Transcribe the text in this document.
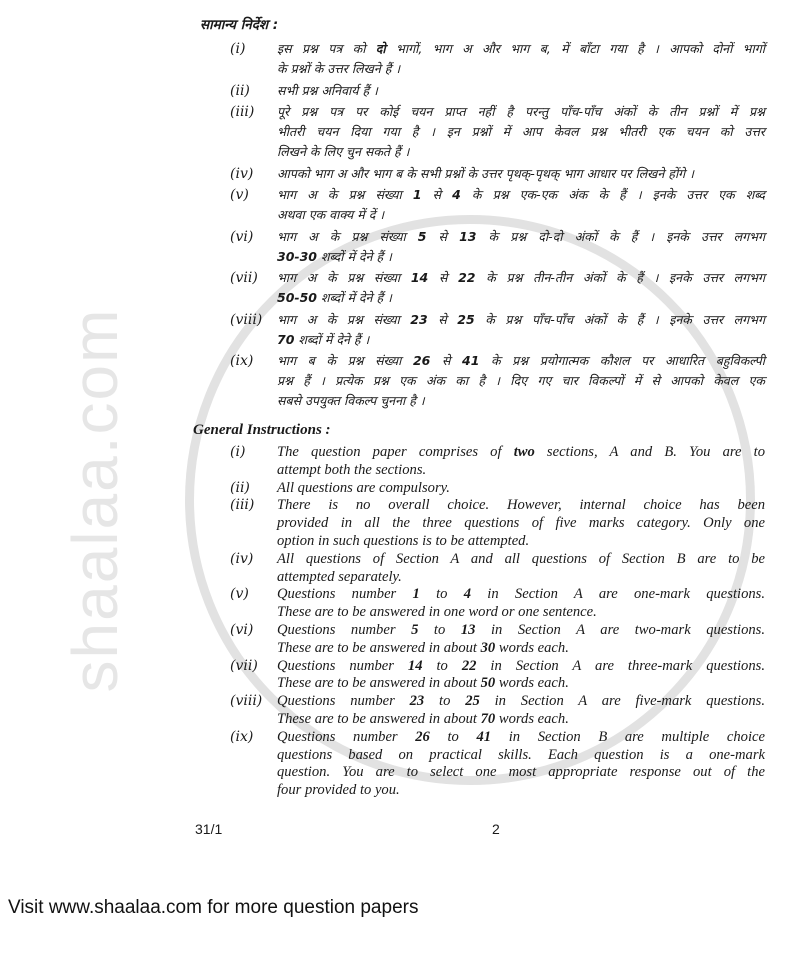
shaalaa.com
सामान्य निर्देश :
(i)	इस प्रश्न पत्र को दो भागों, भाग अ और भाग ब, में बाँटा गया है । आपको दोनों भागों
के प्रश्नों के उत्तर लिखने हैं ।
(ii)	सभी प्रश्न अनिवार्य हैं ।
(iii)	पूरे प्रश्न पत्र पर कोई चयन प्राप्त नहीं है परन्तु पाँच-पाँच अंकों के तीन प्रश्नों में प्रश्न
भीतरी चयन दिया गया है । इन प्रश्नों में आप केवल प्रश्न भीतरी एक चयन को उत्तर
लिखने के लिए चुन सकते हैं ।
(iv)	आपको भाग अ और भाग ब के सभी प्रश्नों के उत्तर पृथक्-पृथक् भाग आधार पर लिखने होंगे ।
(v)	भाग अ के प्रश्न संख्या 1 से 4 के प्रश्न एक-एक अंक के हैं । इनके उत्तर एक शब्द
अथवा एक वाक्य में दें ।
(vi)	भाग अ के प्रश्न संख्या 5 से 13 के प्रश्न दो-दो अंकों के हैं । इनके उत्तर लगभग
30-30 शब्दों में देने हैं ।
(vii)	भाग अ के प्रश्न संख्या 14 से 22 के प्रश्न तीन-तीन अंकों के हैं । इनके उत्तर लगभग
50-50 शब्दों में देने हैं ।
(viii)	भाग अ के प्रश्न संख्या 23 से 25 के प्रश्न पाँच-पाँच अंकों के हैं । इनके उत्तर लगभग
70 शब्दों में देने हैं ।
(ix)	भाग ब के प्रश्न संख्या 26 से 41 के प्रश्न प्रयोगात्मक कौशल पर आधारित बहुविकल्पी
प्रश्न हैं । प्रत्येक प्रश्न एक अंक का है । दिए गए चार विकल्पों में से आपको केवल एक
सबसे उपयुक्त विकल्प चुनना है ।
General Instructions :
(i)	The question paper comprises of two sections, A and B. You are to
attempt both the sections.
(ii)	All questions are compulsory.
(iii)	There is no overall choice. However, internal choice has been
provided in all the three questions of five marks category. Only one
option in such questions is to be attempted.
(iv)	All questions of Section A and all questions of Section B are to be
attempted separately.
(v)	Questions number 1 to 4 in Section A are one-mark questions.
These are to be answered in one word or one sentence.
(vi)	Questions number 5 to 13 in Section A are two-mark questions.
These are to be answered in about 30 words each.
(vii)	Questions number 14 to 22 in Section A are three-mark questions.
These are to be answered in about 50 words each.
(viii)	Questions number 23 to 25 in Section A are five-mark questions.
These are to be answered in about 70 words each.
(ix)	Questions number 26 to 41 in Section B are multiple choice
questions based on practical skills. Each question is a one-mark
question. You are to select one most appropriate response out of the
four provided to you.
31/1	2
Visit www.shaalaa.com for more question papers
